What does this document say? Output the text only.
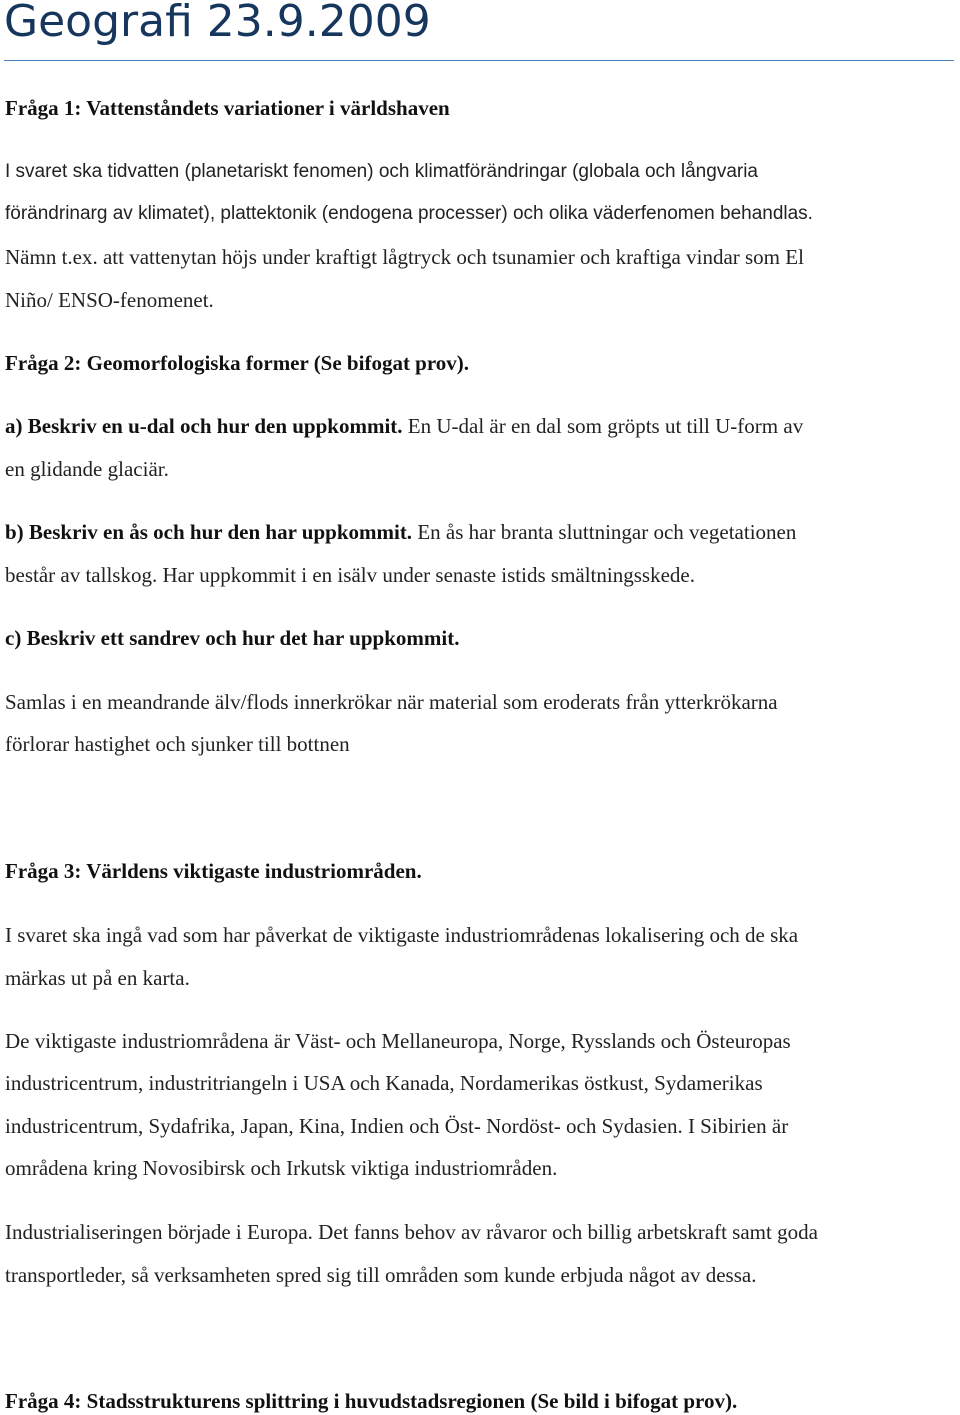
Geografi 23.9.2009

Fråga 1: Vattenståndets variationer i världshaven

I svaret ska tidvatten (planetariskt fenomen) och klimatförändringar (globala och långvaria

förändrinarg av klimatet), plattektonik (endogena processer) och olika väderfenomen behandlas.

Nämn t.ex. att vattenytan höjs under kraftigt lågtryck och tsunamier och kraftiga vindar som El

Niño/ ENSO-fenomenet.

Fråga 2: Geomorfologiska former (Se bifogat prov).

a) Beskriv en u-dal och hur den uppkommit. En U-dal är en dal som gröpts ut till U-form av

en glidande glaciär.

b) Beskriv en ås och hur den har uppkommit. En ås har branta sluttningar och vegetationen

består av tallskog. Har uppkommit i en isälv under senaste istids smältningsskede.

c) Beskriv ett sandrev och hur det har uppkommit.

Samlas i en meandrande älv/flods innerkrökar när material som eroderats från ytterkrökarna

förlorar hastighet och sjunker till bottnen

Fråga 3: Världens viktigaste industriområden.

I svaret ska ingå vad som har påverkat de viktigaste industriområdenas lokalisering och de ska

märkas ut på en karta.

De viktigaste industriområdena är Väst- och Mellaneuropa, Norge, Rysslands och Östeuropas

industricentrum, industritriangeln i USA och Kanada, Nordamerikas östkust, Sydamerikas

industricentrum, Sydafrika, Japan, Kina, Indien och Öst- Nordöst- och Sydasien. I Sibirien är

områdena kring Novosibirsk och Irkutsk viktiga industriområden.

Industrialiseringen började i Europa. Det fanns behov av råvaror och billig arbetskraft samt goda

transportleder, så verksamheten spred sig till områden som kunde erbjuda något av dessa.

Fråga 4: Stadsstrukturens splittring i huvudstadsregionen (Se bild i bifogat prov).
